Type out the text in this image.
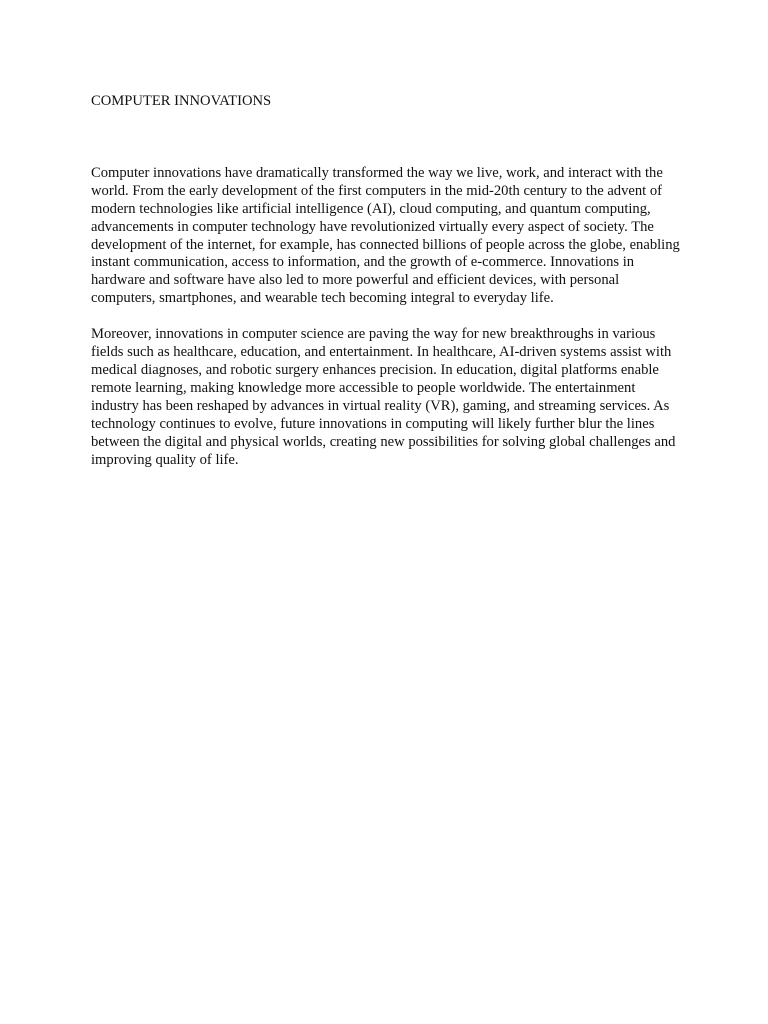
COMPUTER INNOVATIONS

Computer innovations have dramatically transformed the way we live, work, and interact with the world. From the early development of the first computers in the mid-20th century to the advent of modern technologies like artificial intelligence (AI), cloud computing, and quantum computing, advancements in computer technology have revolutionized virtually every aspect of society. The development of the internet, for example, has connected billions of people across the globe, enabling instant communication, access to information, and the growth of e-commerce. Innovations in hardware and software have also led to more powerful and efficient devices, with personal computers, smartphones, and wearable tech becoming integral to everyday life.

Moreover, innovations in computer science are paving the way for new breakthroughs in various fields such as healthcare, education, and entertainment. In healthcare, AI-driven systems assist with medical diagnoses, and robotic surgery enhances precision. In education, digital platforms enable remote learning, making knowledge more accessible to people worldwide. The entertainment industry has been reshaped by advances in virtual reality (VR), gaming, and streaming services. As technology continues to evolve, future innovations in computing will likely further blur the lines between the digital and physical worlds, creating new possibilities for solving global challenges and improving quality of life.
